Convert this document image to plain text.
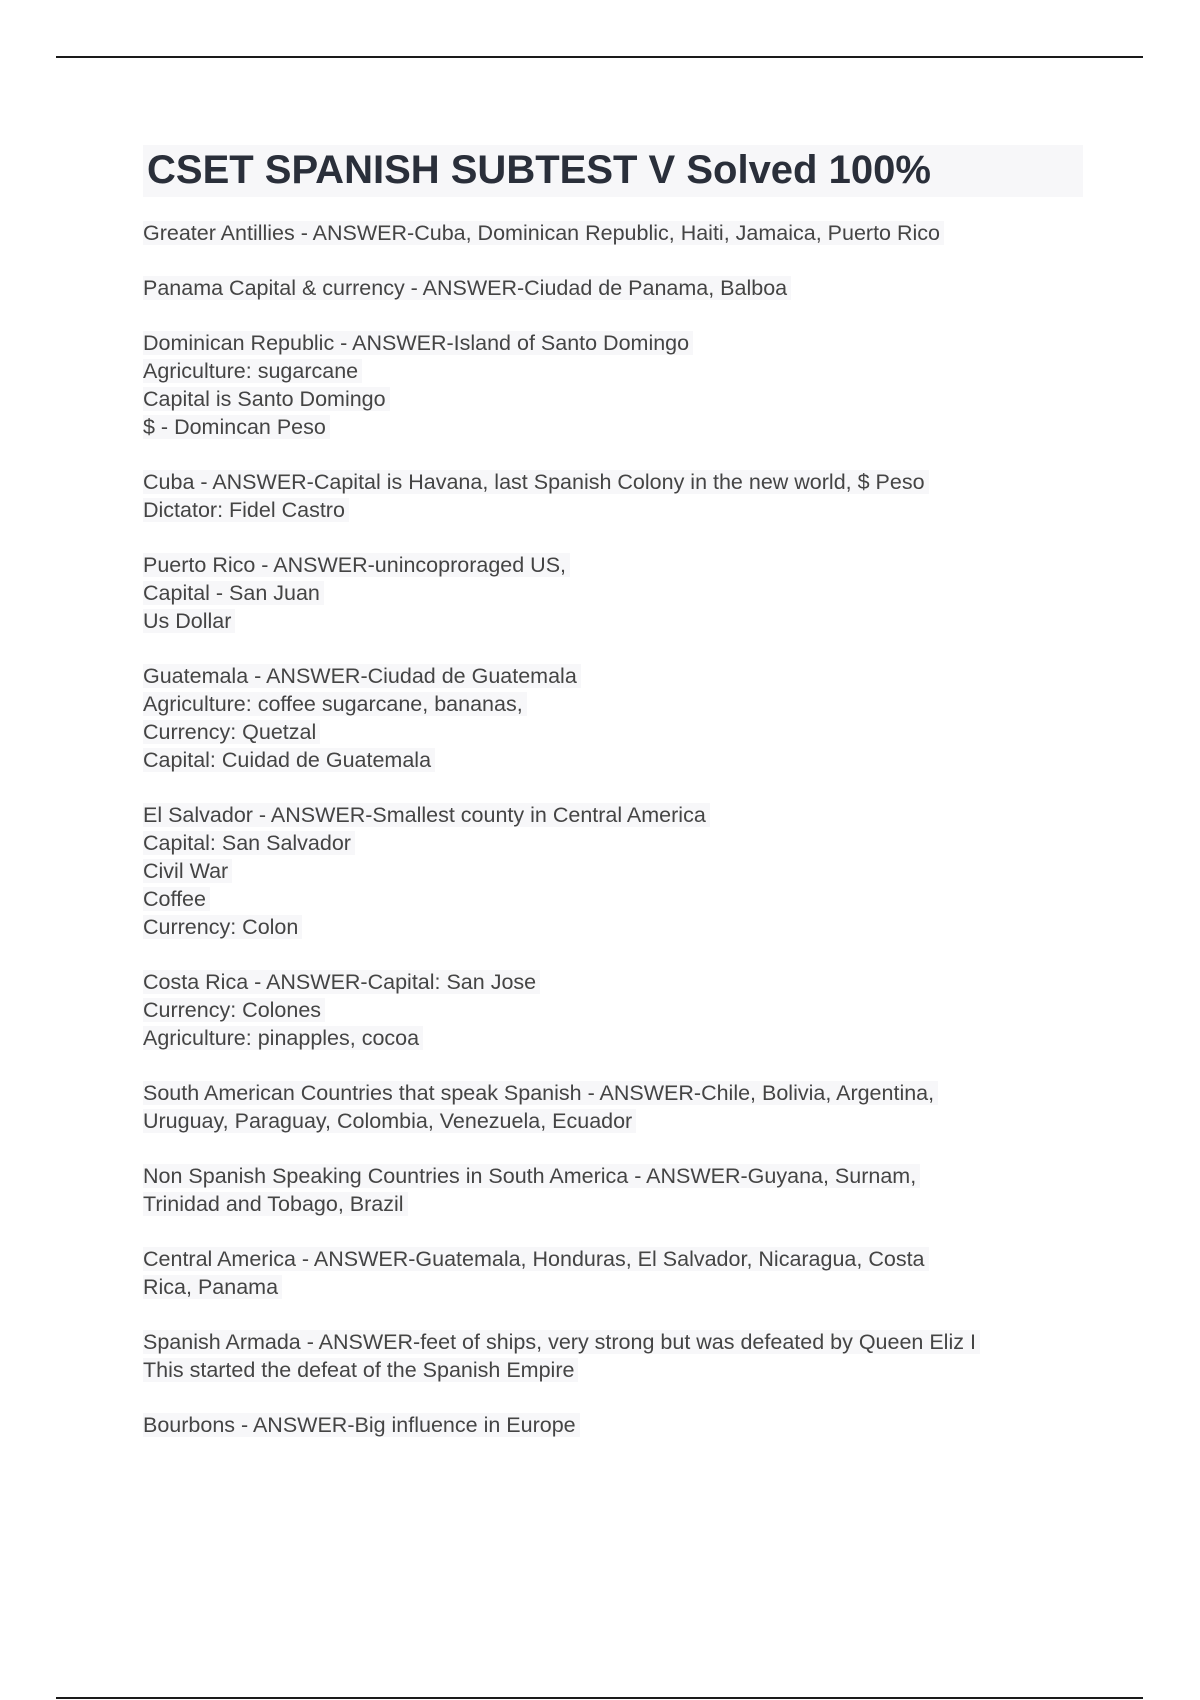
CSET SPANISH SUBTEST V Solved 100%
Greater Antillies - ANSWER-Cuba, Dominican Republic, Haiti, Jamaica, Puerto Rico
Panama Capital & currency - ANSWER-Ciudad de Panama, Balboa
Dominican Republic - ANSWER-Island of Santo Domingo
Agriculture: sugarcane
Capital is Santo Domingo
$ - Domincan Peso
Cuba - ANSWER-Capital is Havana, last Spanish Colony in the new world, $ Peso
Dictator: Fidel Castro
Puerto Rico - ANSWER-unincoproraged US,
Capital - San Juan
Us Dollar
Guatemala - ANSWER-Ciudad de Guatemala
Agriculture: coffee sugarcane, bananas,
Currency: Quetzal
Capital: Cuidad de Guatemala
El Salvador - ANSWER-Smallest county in Central America
Capital: San Salvador
Civil War
Coffee
Currency: Colon
Costa Rica - ANSWER-Capital: San Jose
Currency: Colones
Agriculture: pinapples, cocoa
South American Countries that speak Spanish - ANSWER-Chile, Bolivia, Argentina,
Uruguay, Paraguay, Colombia, Venezuela, Ecuador
Non Spanish Speaking Countries in South America - ANSWER-Guyana, Surnam,
Trinidad and Tobago, Brazil
Central America - ANSWER-Guatemala, Honduras, El Salvador, Nicaragua, Costa
Rica, Panama
Spanish Armada - ANSWER-feet of ships, very strong but was defeated by Queen Eliz I
This started the defeat of the Spanish Empire
Bourbons - ANSWER-Big influence in Europe
